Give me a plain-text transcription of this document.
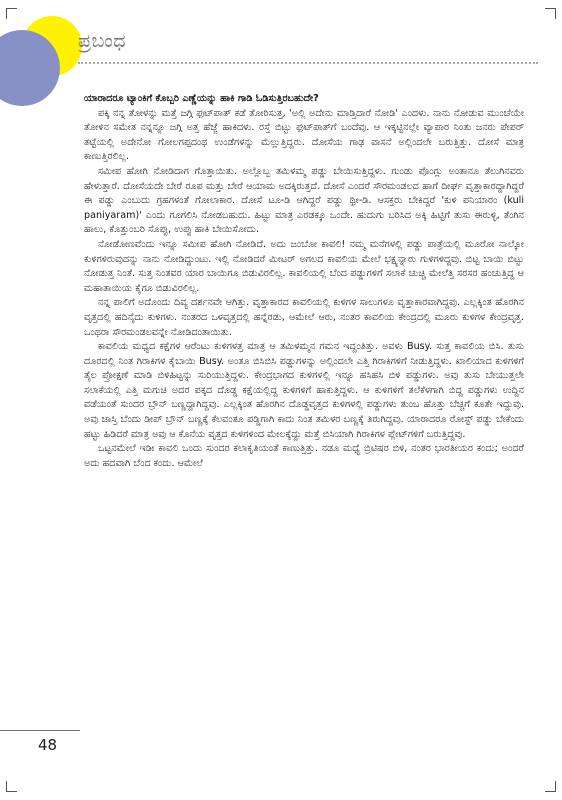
ಪ್ರಬಂಧ

ಯಾರಾದರೂ ಟ್ಯಾಂಕಿಗೆ ಕೊಬ್ಬರಿ ಎಣ್ಣೆಯನ್ನು ಹಾಕಿ ಗಾಡಿ ಓಡಿಸುತ್ತಿರಬಹುದೇ?

ಪಕ್ಕಿ ನನ್ನ ತೋಳನ್ನು ಮತ್ತೆ ಜಗ್ಗಿ ಫುಟ್‌ಪಾತ್ ಕಡೆ ತೋರಿಸುತ್ತ, 'ಅಲ್ಲಿ ಅದೇನು ಮಾಡ್ತಿದಾರೆ ನೋಡಿ' ಎಂದಳು. ನಾನು ನೋಡುವ ಮುಂಚೆಯೇ ತೋಳಿನ ಸಮೇತ ನನ್ನನ್ನೂ ಜಗ್ಗಿ ಅತ್ತ ಹೆಜ್ಜೆ ಹಾಕಿದಳು. ರಸ್ತೆ ಬಿಟ್ಟು ಫುಟ್‌ಪಾತ್‌ಗೆ ಬಂದೆವು. ಆ ಇಕ್ಕಟ್ಟಿನಲ್ಲೇ ವ್ಯಾಪಾರ ನಿಂತು ಜನರು ಪೇಪರ್ ತಟ್ಟೆಯಲ್ಲಿ ಅದೇನೋ ಗೋಲಗಪ್ಪದಂಥ ಉಂಡೆಗಳನ್ನು ಮೆಲ್ಲುತ್ತಿದ್ದರು. ದೋಸೆಯ ಗಾಢ ವಾಸನೆ ಅಲ್ಲಿಂದಲೇ ಬರುತ್ತಿತ್ತು. ದೋಸೆ ಮಾತ್ರ ಕಾಣುತ್ತಿರಲಿಲ್ಲ.

ಸಮೀಪ ಹೋಗಿ ನೋಡಿದಾಗ ಗೊತ್ತಾಯಿತು. ಅಲ್ಲೊಬ್ಬ ತಮಿಳಮ್ಮ ಪಡ್ಡು ಬೇಯಿಸುತ್ತಿದ್ದಳು. ಗುಂಡು ಪೊಂಗ್ಲು ಅಂತಾನೂ ತೆಲುಗಿನವರು ಹೇಳುತ್ತಾರೆ. ದೋಸೆಯದೇ ಬೇರೆ ರೂಪ ಮತ್ತು ಬೇರೆ ಆಯಾಮ ಅದಕ್ಕಿರುತ್ತದೆ. ದೋಸೆ ಎಂದರೆ ಸೌರಮಂಡಲದ ಹಾಗೆ ದೀರ್ಘ ವೃತ್ತಾಕಾರದ್ದಾಗಿದ್ದರೆ ಈ ಪಡ್ಡು ಎಂಬುದು ಗ್ರಹಗಳಂತೆ ಗೋಲಾಕಾರ. ದೋಸೆ ಟೂ-ಡಿ ಆಗಿದ್ದರೆ ಪಡ್ಡು ಥ್ರೀ-ಡಿ. ಆಸಕ್ತರು ಬೇಕಿದ್ದರೆ 'ಕುಳಿ ಪನಿಯಾರಂ (kuli paniyaram)' ಎಂದು ಗೂಗಲಿಸಿ ನೋಡಬಹುದು. ಹಿಟ್ಟು ಮಾತ್ರ ಎರಡಕ್ಕೂ ಒಂದೇ. ಹುದುಗು ಬರಿಸಿದ ಅಕ್ಕಿ ಹಿಟ್ಟಿಗೆ ತುಸು ಈರುಳ್ಳಿ, ತೆಂಗಿನ ಹಾಲು, ಕೊತ್ತುಂಬರಿ ಸೊಪ್ಪು, ಉಪ್ಪು ಹಾಕಿ ಬೇಯಿಸೋದು.

ನೋಡೋಣವೆಂದು ಇನ್ನೂ ಸಮೀಪ ಹೋಗಿ ನೋಡಿದೆ. ಅದು ಜಂಬೋ ಕಾವಲಿ! ನಮ್ಮ ಮನೆಗಳಲ್ಲಿ ಪಡ್ಡು ಪಾತ್ರೆಯಲ್ಲಿ ಮೂರೋ ನಾಲ್ಕೋ ಕುಳಿಗಳಿರುವುದನ್ನು ನಾನು ನೋಡಿದ್ದುಂಟು. ಇಲ್ಲಿ ನೋಡಿದರೆ ಮೀಟರ್ ಅಗಲದ ಕಾವಲಿಯ ಮೇಲೆ ಭಕ್ಷ್ಯನ್ನಾರು ಗುಳಿಗಳಿದ್ದವು. ಬಿಟ್ಟ ಬಾಯಿ ಬಿಟ್ಟು ನೋಡುತ್ತ ನಿಂತೆ. ಸುತ್ತ ನಿಂತವರ ಯಾರ ಬಾಯಿಗೂ ಬಿಡುವಿರಲಿಲ್ಲ. ಕಾವಲಿಯಲ್ಲಿ ಬೆಂದ ಪಡ್ಡುಗಳಿಗೆ ಸಲಾಕೆ ಚುಚ್ಚಿ ಮೇಲೆತ್ತಿ ಸರಸರ ಹಂಚುತ್ತಿದ್ದ ಆ ಮಹಾತಾಯಿಯ ಕೈಗೂ ಬಿಡುವಿರಲಿಲ್ಲ.

ನನ್ನ ಪಾಲಿಗೆ ಅದೊಂದು ದಿವ್ಯ ದರ್ಶನವೇ ಆಗಿತ್ತು. ವೃತ್ತಾಕಾರದ ಕಾವಲಿಯಲ್ಲಿ ಕುಳಿಗಳ ಸಾಲುಗಳೂ ವೃತ್ತಾಕಾರವಾಗಿದ್ದವು. ಎಲ್ಲಕ್ಕಿಂತ ಹೊರಗಿನ ವೃತ್ತದಲ್ಲಿ ಹದಿನೈದು ಕುಳಿಗಳು. ನಂತರದ ಒಳವೃತ್ತದಲ್ಲಿ ಹನ್ನೆರಡು, ಆಮೇಲೆ ಆರು, ನಂತರ ಕಾವಲಿಯ ಕೇಂದ್ರದಲ್ಲಿ ಮೂರು ಕುಳಿಗಳ ಕೇಂದ್ರವೃತ್ತ. ಒಂಥರಾ ಸೌರಮಂಡಲವನ್ನೇ ನೋಡಿದಂತಾಯಿತು.

ಕಾವಲಿಯ ಮಧ್ಯದ ಕಕ್ಷೆಗಳ ಆರೆಂಟು ಕುಳಿಗಳತ್ತ ಮಾತ್ರ ಆ ತಮಿಳಮ್ಮನ ಗಮನ ಇದ್ದಂತಿತ್ತು. ಅವಳು Busy. ಸುತ್ತ ಕಾವಲಿಯ ಬಿಸಿ. ತುಸು ದೂರದಲ್ಲಿ ನಿಂತ ಗಿರಾಕಿಗಳ ಕೈಬಾಯಿ Busy. ಅಂತೂ ಬಿಸಿಬಿಸಿ ಪಡ್ಡುಗಳನ್ನು ಅಲ್ಲಿಂದಲೇ ಎತ್ತಿ ಗಿರಾಕಿಗಳಿಗೆ ನೀಡುತ್ತಿದ್ದಳು. ಖಾಲಿಯಾದ ಕುಳಿಗಳಿಗೆ ತೈಲ ಪ್ರೋಕ್ಷಣೆ ಮಾಡಿ ಬಿಳಿಹಿಟ್ಟನ್ನು ಸುರಿಯುತ್ತಿದ್ದಳು. ಕೇಂದ್ರಭಾಗದ ಕುಳಿಗಳಲ್ಲಿ ಇನ್ನೂ ಹಸಿಹಸಿ ಬಿಳಿ ಪಡ್ಡುಗಳು. ಅವು ತುಸು ಬೇಯುತ್ತಲೇ ಸಲಾಕೆಯಲ್ಲಿ ಎತ್ತಿ ಮಗುಚಿ ಅದರ ಪಕ್ಕದ ದೊಡ್ಡ ಕಕ್ಷೆಯಲ್ಲಿದ್ದ ಕುಳಿಗಳಿಗೆ ಹಾಕುತ್ತಿದ್ದಳು. ಆ ಕುಳಿಗಳಿಗೆ ತಲೆಕೆಳಗಾಗಿ ಬಿದ್ದ ಪಡ್ಡುಗಳು ಉದ್ದಿನ ವಡೆಯಂತೆ ಸುಂದರ ಬ್ರೌನ್ ಬಣ್ಣದ್ದಾಗಿದ್ದವು. ಎಲ್ಲಕ್ಕಿಂತ ಹೊರಗಿನ ದೊಡ್ಡವೃತ್ತದ ಕುಳಿಗಳಲ್ಲಿ ಪಡ್ಡುಗಳು ತುಂಬ ಹೊತ್ತು ಬೆಚ್ಚಗೆ ಕೂತೇ ಇದ್ದುವು. ಅವು ಜಾಸ್ತಿ ಬೆಂದು ಡೀಪ್ ಬ್ರೌನ್ ಬಣ್ಣಕ್ಕೆ ಕೆಲವಂತೂ ಪಡ್ಡಿಗಾಗಿ ಕಾದು ನಿಂತ ತಮಿಳರ ಬಣ್ಣಕ್ಕೆ ತಿರುಗಿದ್ದವು. ಯಾರಾದರೂ ರೋಸ್ಟ್ ಪಡ್ಡು ಬೇಕೆಂದು ಹಟ್ಟು ಹಿಡಿದರೆ ಮಾತ್ರ ಅವು ಆ ಕೊನೆಯ ವೃತ್ತದ ಕುಳಿಗಳಿಂದ ಮೇಲಕ್ಕೆದ್ದು ಮತ್ತೆ ಬಿಸಿಯಾಗಿ ಗಿರಾಕಿಗಳ ಪ್ಲೇಟ್‌ಗಳಿಗೆ ಬರುತ್ತಿದ್ದವು.

ಒಟ್ಟನಮೇಲೆ ಇಡೀ ಕಾವಲಿ ಒಂದು ಸುಂದರ ಕಲಾಕೃತಿಯಂತೆ ಕಾಣುತ್ತಿತ್ತು. ನಡೂ ಮಧ್ಯೆ ಬ್ರಿಟಿಷರ ಬಿಳಿ, ನಂತರ ಭಾರತೀಯರ ಕಂದು; ಅಂದರೆ ಅದು ಹದವಾಗಿ ಬೆಂದ ಕಂದು. ಆಮೇಲೆ

48
